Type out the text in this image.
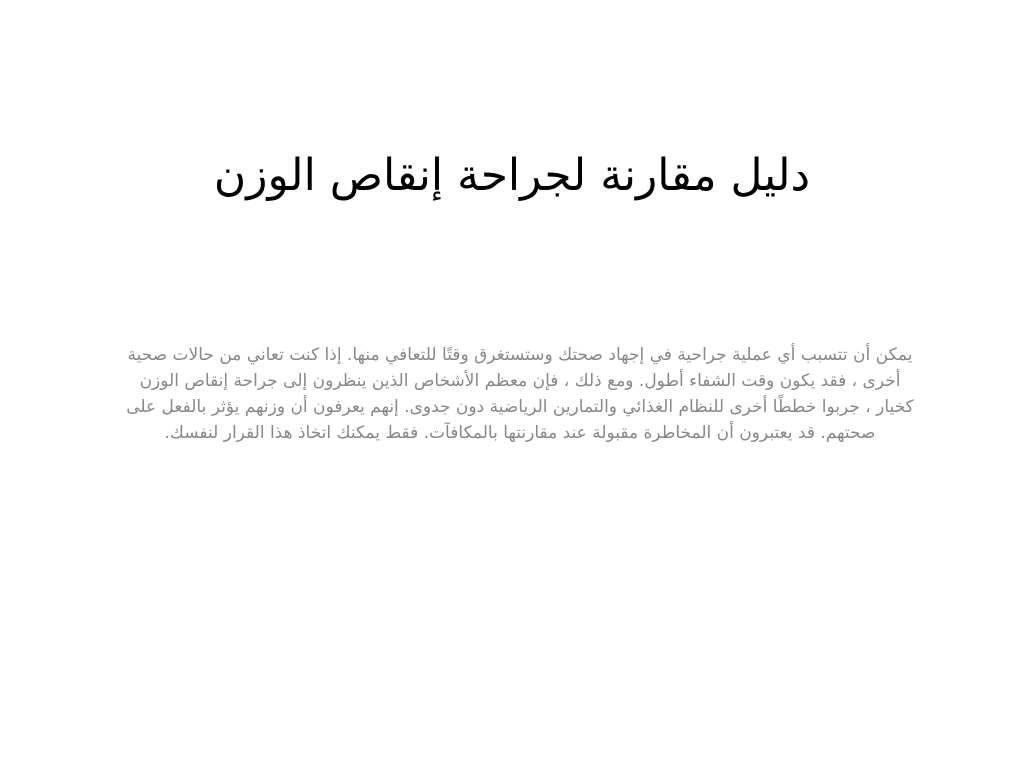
دليل مقارنة لجراحة إنقاص الوزن

يمكن أن تتسبب أي عملية جراحية في إجهاد صحتك وستستغرق وقتًا للتعافي منها. إذا كنت تعاني من حالات صحية أخرى ، فقد يكون وقت الشفاء أطول. ومع ذلك ، فإن معظم الأشخاص الذين ينظرون إلى جراحة إنقاص الوزن كخيار ، جربوا خططًا أخرى للنظام الغذائي والتمارين الرياضية دون جدوى. إنهم يعرفون أن وزنهم يؤثر بالفعل على صحتهم. قد يعتبرون أن المخاطرة مقبولة عند مقارنتها بالمكافآت. فقط يمكنك اتخاذ هذا القرار لنفسك.
